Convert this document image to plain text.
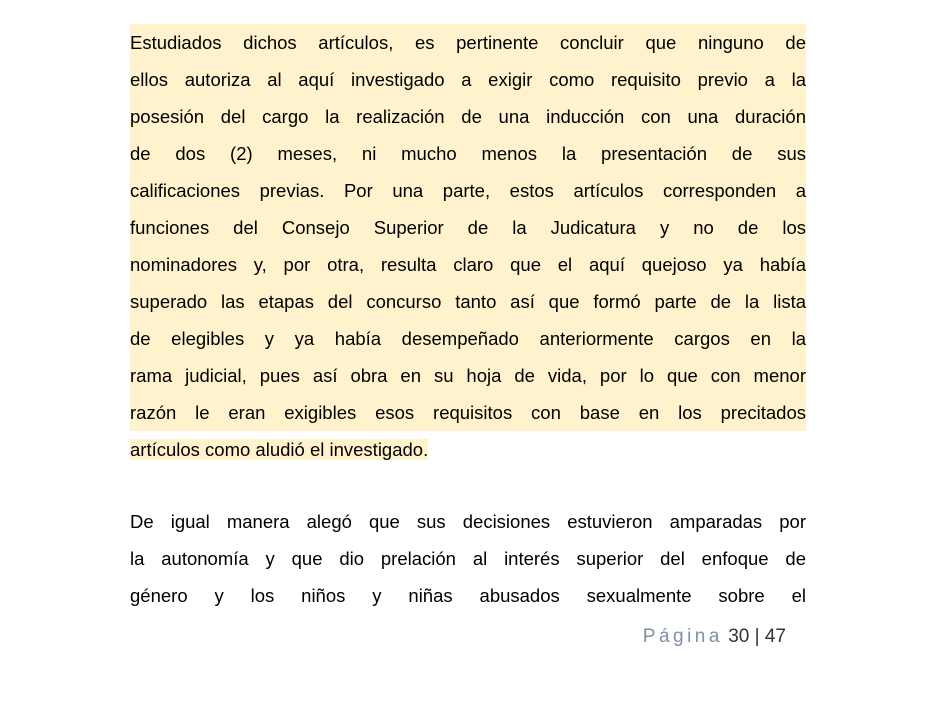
Estudiados dichos artículos, es pertinente concluir que ninguno de
ellos autoriza al aquí investigado a exigir como requisito previo a la
posesión del cargo la realización de una inducción con una duración
de dos (2) meses, ni mucho menos la presentación de sus
calificaciones previas. Por una parte, estos artículos corresponden a
funciones del Consejo Superior de la Judicatura y no de los
nominadores y, por otra, resulta claro que el aquí quejoso ya había
superado las etapas del concurso tanto así que formó parte de la lista
de elegibles y ya había desempeñado anteriormente cargos en la
rama judicial, pues así obra en su hoja de vida, por lo que con menor
razón le eran exigibles esos requisitos con base en los precitados
artículos como aludió el investigado.
De igual manera alegó que sus decisiones estuvieron amparadas por
la autonomía y que dio prelación al interés superior del enfoque de
género y los niños y niñas abusados sexualmente sobre el
Página 30 | 47
